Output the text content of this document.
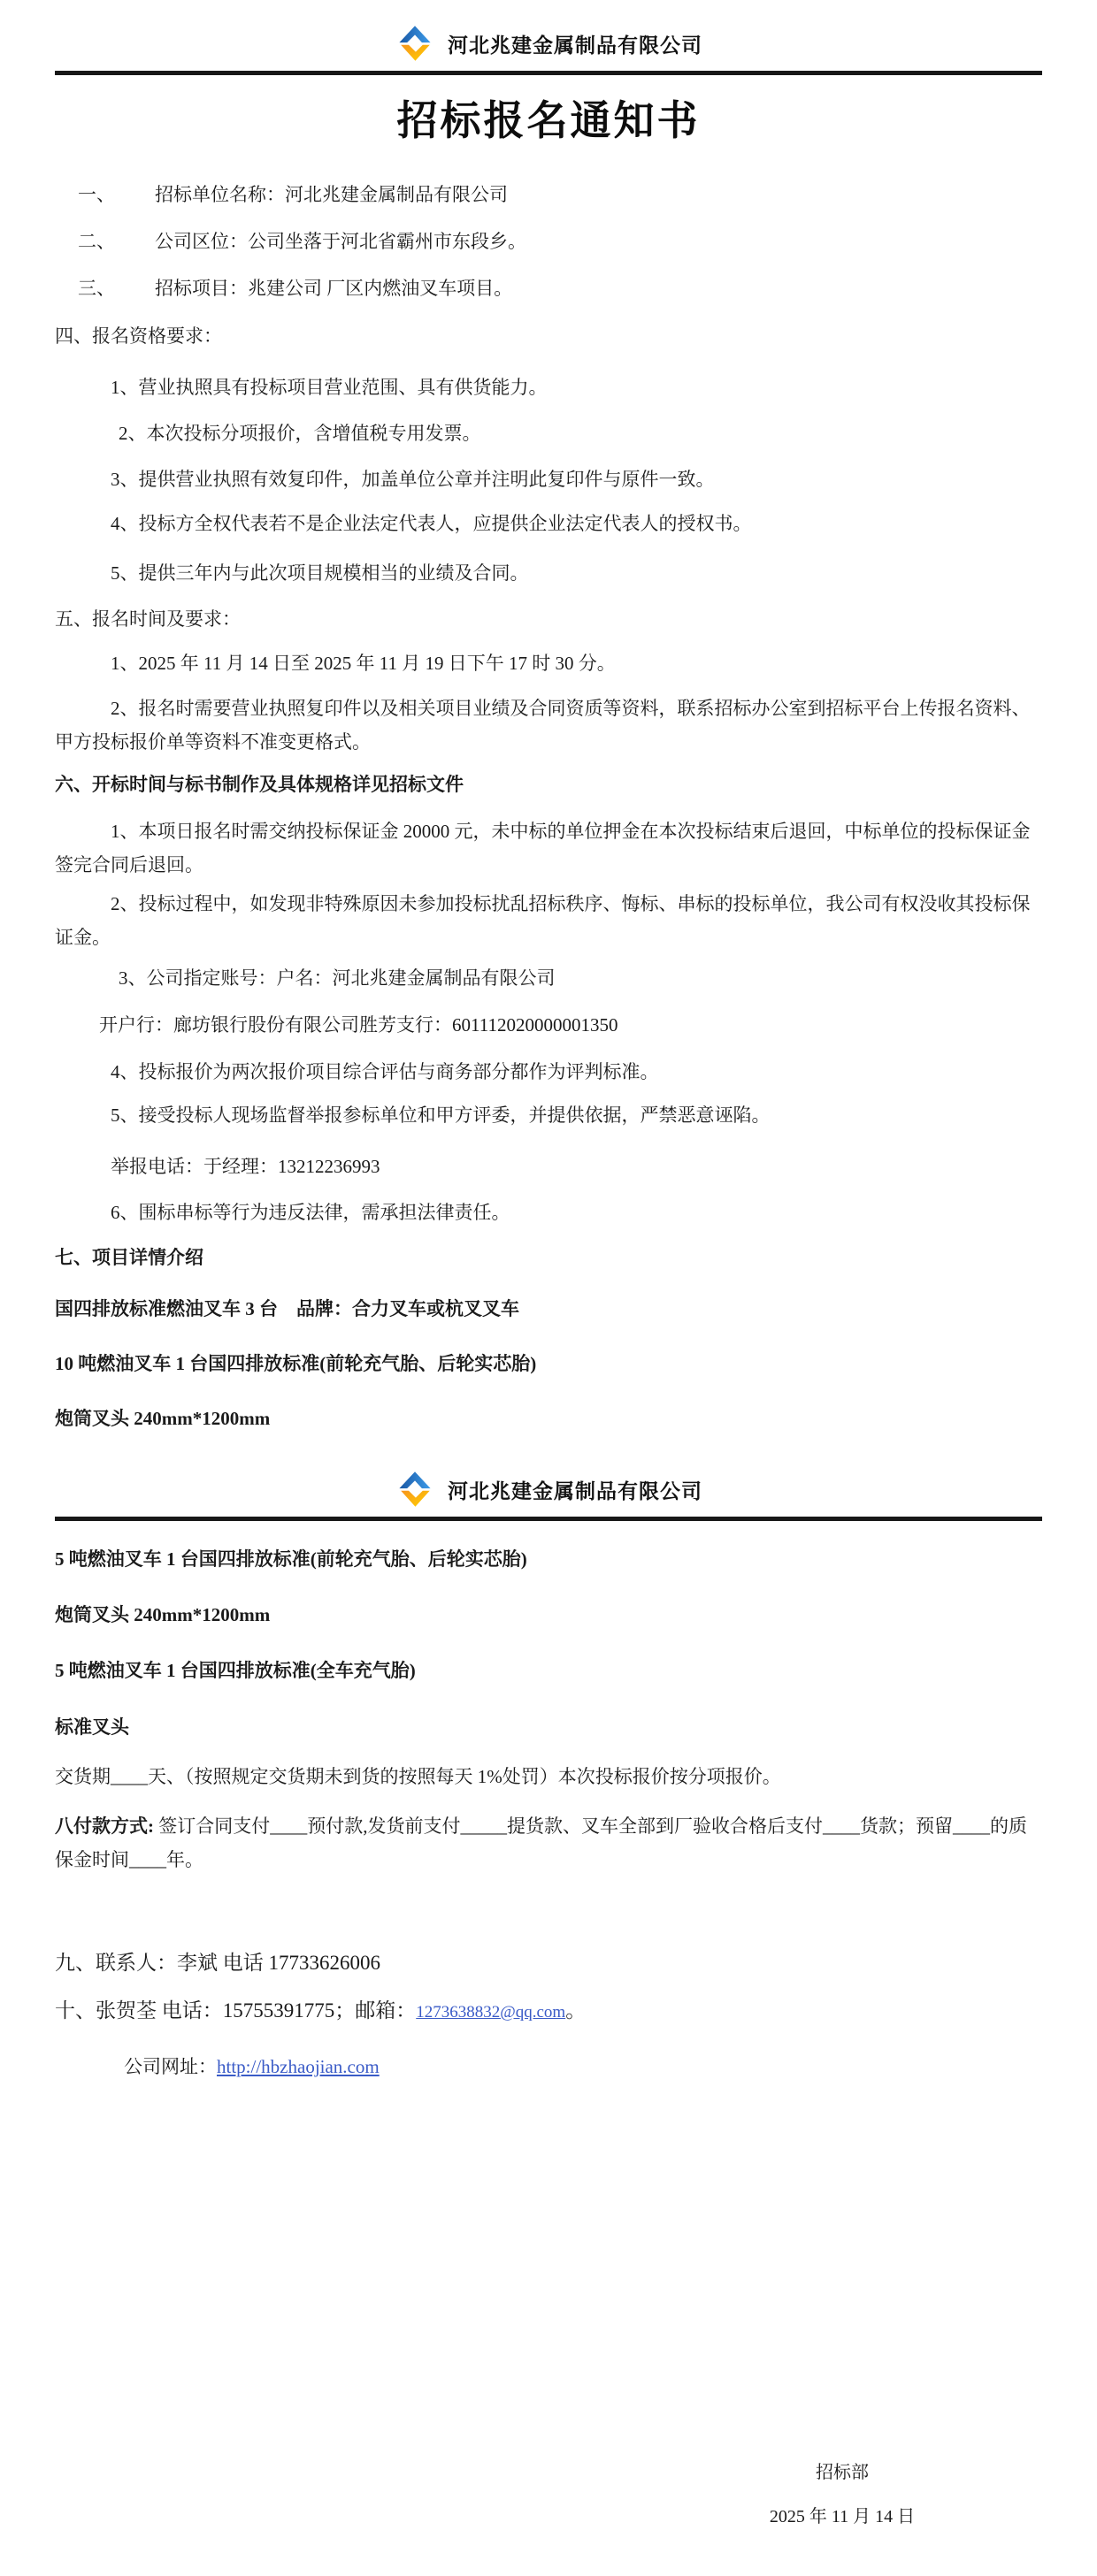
河北兆建金属制品有限公司
招标报名通知书
一、 招标单位名称：河北兆建金属制品有限公司
二、 公司区位：公司坐落于河北省霸州市东段乡。
三、 招标项目：兆建公司 厂区内燃油叉车项目。
四、报名资格要求：
1、营业执照具有投标项目营业范围、具有供货能力。
2、本次投标分项报价，含增值税专用发票。
3、提供营业执照有效复印件，加盖单位公章并注明此复印件与原件一致。
4、投标方全权代表若不是企业法定代表人，应提供企业法定代表人的授权书。
5、提供三年内与此次项目规模相当的业绩及合同。
五、报名时间及要求：
1、2025 年 11 月 14 日至 2025 年 11 月 19 日下午 17 时 30 分。
2、报名时需要营业执照复印件以及相关项目业绩及合同资质等资料，联系招标办公室到招标平台上传报名资料、甲方投标报价单等资料不准变更格式。
六、开标时间与标书制作及具体规格详见招标文件
1、本项日报名时需交纳投标保证金 20000 元，未中标的单位押金在本次投标结束后退回，中标单位的投标保证金签完合同后退回。
2、投标过程中，如发现非特殊原因未参加投标扰乱招标秩序、悔标、串标的投标单位，我公司有权没收其投标保证金。
3、公司指定账号：户名：河北兆建金属制品有限公司
开户行：廊坊银行股份有限公司胜芳支行：601112020000001350
4、投标报价为两次报价项目综合评估与商务部分都作为评判标准。
5、接受投标人现场监督举报参标单位和甲方评委，并提供依据，严禁恶意诬陷。
举报电话：于经理：13212236993
6、围标串标等行为违反法律，需承担法律责任。
七、项目详情介绍
国四排放标准燃油叉车 3 台　品牌：合力叉车或杭叉叉车
10 吨燃油叉车 1 台国四排放标准(前轮充气胎、后轮实芯胎)
炮筒叉头 240mm*1200mm
河北兆建金属制品有限公司
5 吨燃油叉车 1 台国四排放标准(前轮充气胎、后轮实芯胎)
炮筒叉头 240mm*1200mm
5 吨燃油叉车 1 台国四排放标准(全车充气胎)
标准叉头
交货期____天、（按照规定交货期未到货的按照每天 1%处罚）本次投标报价按分项报价。
八付款方式: 签订合同支付____预付款,发货前支付_____提货款、叉车全部到厂验收合格后支付____货款；预留____的质保金时间____年。
九、联系人：李斌 电话 17733626006
十、张贺荃 电话：15755391775；邮箱：1273638832@qq.com。
公司网址：http://hbzhaojian.com
招标部
2025 年 11 月 14 日
